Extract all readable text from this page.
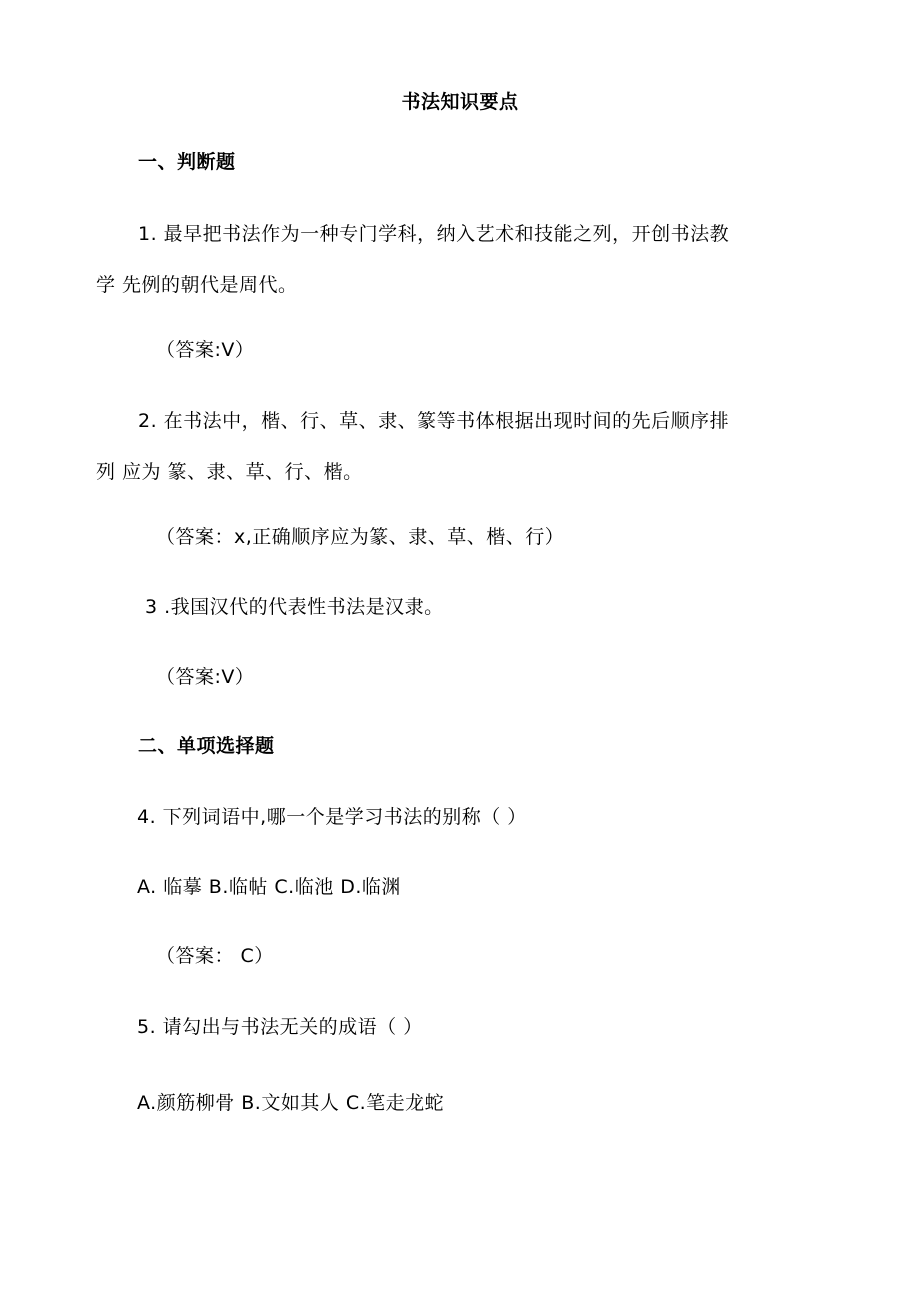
书法知识要点
一、判断题
1. 最早把书法作为一种专门学科，纳入艺术和技能之列，开创书法教
学 先例的朝代是周代。
（答案:V）
2. 在书法中，楷、行、草、隶、篆等书体根据出现时间的先后顺序排
列 应为 篆、隶、草、行、楷。
（答案：x,正确顺序应为篆、隶、草、楷、行）
3 .我国汉代的代表性书法是汉隶。
（答案:V）
二、单项选择题
4. 下列词语中,哪一个是学习书法的别称（ ）
A. 临摹 B.临帖 C.临池 D.临渊
（答案： C）
5. 请勾出与书法无关的成语（ ）
A.颜筋柳骨 B.文如其人 C.笔走龙蛇
